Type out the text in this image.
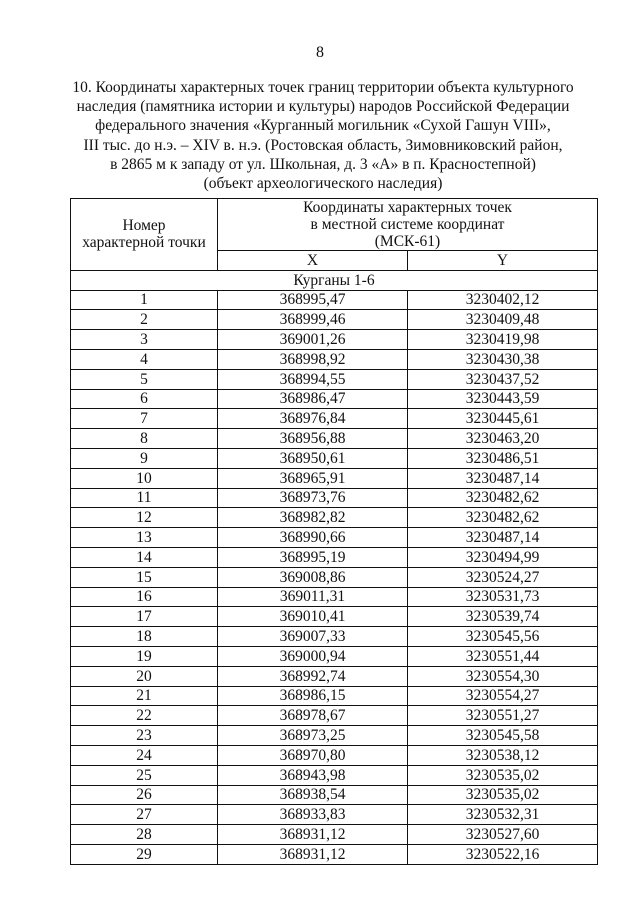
8
10. Координаты характерных точек границ территории объекта культурного
наследия (памятника истории и культуры) народов Российской Федерации
федерального значения «Курганный могильник «Сухой Гашун VIII»,
III тыс. до н.э. – XIV в. н.э. (Ростовская область, Зимовниковский район,
в 2865 м к западу от ул. Школьная, д. 3 «А» в п. Красностепной)
(объект археологического наследия)
Номер
характерной точки	Координаты характерных точек
в местной системе координат
(МСК-61)	

	X	Y
Курганы 1-6		
1	368995,47	3230402,12
2	368999,46	3230409,48
3	369001,26	3230419,98
4	368998,92	3230430,38
5	368994,55	3230437,52
6	368986,47	3230443,59
7	368976,84	3230445,61
8	368956,88	3230463,20
9	368950,61	3230486,51
10	368965,91	3230487,14
11	368973,76	3230482,62
12	368982,82	3230482,62
13	368990,66	3230487,14
14	368995,19	3230494,99
15	369008,86	3230524,27
16	369011,31	3230531,73
17	369010,41	3230539,74
18	369007,33	3230545,56
19	369000,94	3230551,44
20	368992,74	3230554,30
21	368986,15	3230554,27
22	368978,67	3230551,27
23	368973,25	3230545,58
24	368970,80	3230538,12
25	368943,98	3230535,02
26	368938,54	3230535,02
27	368933,83	3230532,31
28	368931,12	3230527,60
29	368931,12	3230522,16
